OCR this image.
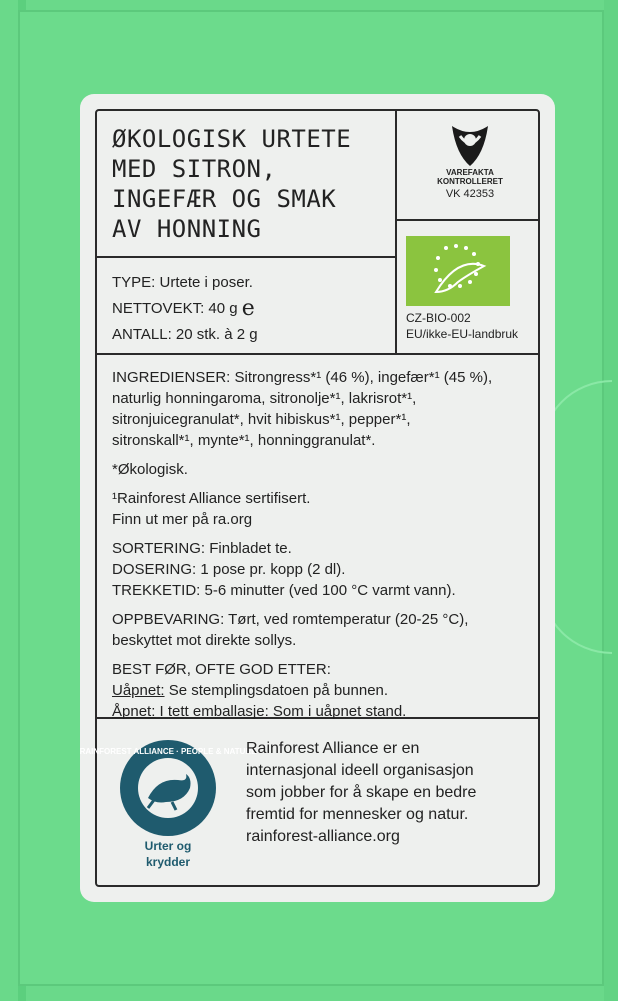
ØKOLOGISK URTETE
MED SITRON,
INGEFÆR OG SMAK
AV HONNING
VAREFAKTA
KONTROLLERET
VK 42353
CZ-BIO-002
EU/ikke-EU-landbruk
TYPE: Urtete i poser.
NETTOVEKT: 40 g e
ANTALL: 20 stk. à 2 g
INGREDIENSER: Sitrongress*¹ (46 %), ingefær*¹ (45 %),
naturlig honningaroma, sitronolje*¹, lakrisrot*¹,
sitronjuicegranulat*, hvit hibiskus*¹, pepper*¹,
sitronskall*¹, mynte*¹, honninggranulat*.
*Økologisk.
¹Rainforest Alliance sertifisert.
Finn ut mer på ra.org
SORTERING: Finbladet te.
DOSERING: 1 pose pr. kopp (2 dl).
TREKKETID: 5-6 minutter (ved 100 °C varmt vann).
OPPBEVARING: Tørt, ved romtemperatur (20-25 °C),
beskyttet mot direkte sollys.
BEST FØR, OFTE GOD ETTER:
Uåpnet: Se stemplingsdatoen på bunnen.
Åpnet: I tett emballasje: Som i uåpnet stand.
RAINFOREST ALLIANCE · PEOPLE & NATURE
Urter og
krydder
Rainforest Alliance er en
internasjonal ideell organisasjon
som jobber for å skape en bedre
fremtid for mennesker og natur.
rainforest-alliance.org
